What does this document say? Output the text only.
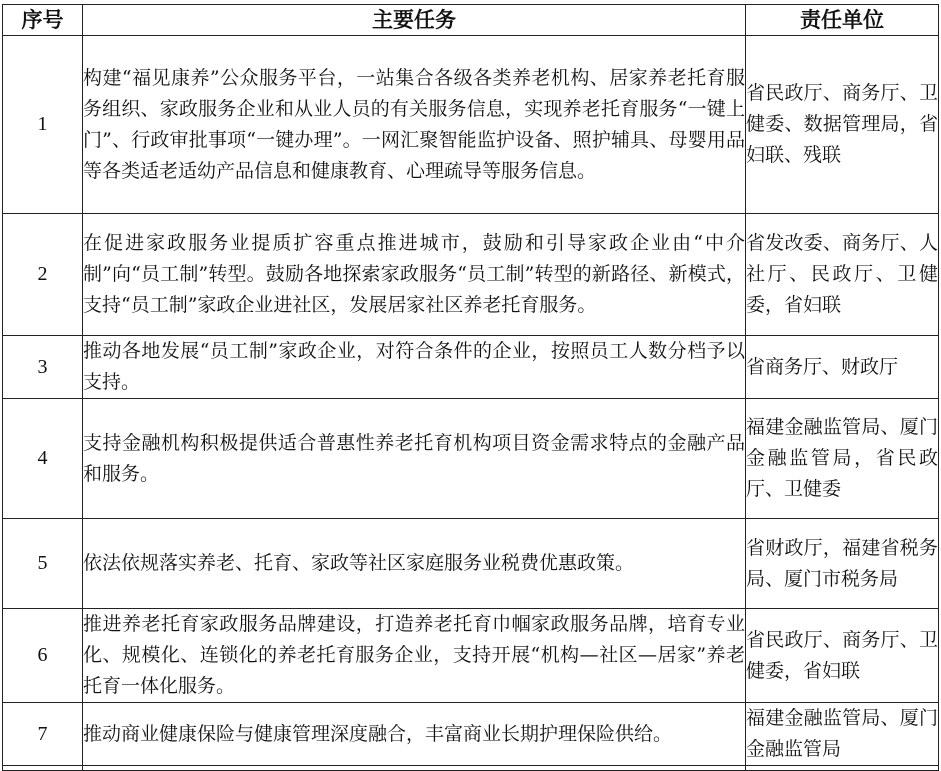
序号	主要任务	责任单位
1	构建“福见康养”公众服务平台，一站集合各级各类养老机构、居家养老托育服务组织、家政服务企业和从业人员的有关服务信息，实现养老托育服务“一键上门”、行政审批事项“一键办理”。一网汇聚智能监护设备、照护辅具、母婴用品等各类适老适幼产品信息和健康教育、心理疏导等服务信息。	省民政厅、商务厅、卫健委、数据管理局，省妇联、残联

2	在促进家政服务业提质扩容重点推进城市，鼓励和引导家政企业由“中介制”向“员工制”转型。鼓励各地探索家政服务“员工制”转型的新路径、新模式，支持“员工制”家政企业进社区，发展居家社区养老托育服务。	省发改委、商务厅、人社厅、民政厅、卫健委，省妇联

3	推动各地发展“员工制”家政企业，对符合条件的企业，按照员工人数分档予以支持。	省商务厅、财政厅

4	支持金融机构积极提供适合普惠性养老托育机构项目资金需求特点的金融产品和服务。	福建金融监管局、厦门金融监管局，省民政厅、卫健委

5	依法依规落实养老、托育、家政等社区家庭服务业税费优惠政策。	省财政厅，福建省税务局、厦门市税务局

6	推进养老托育家政服务品牌建设，打造养老托育巾帼家政服务品牌，培育专业化、规模化、连锁化的养老托育服务企业，支持开展“机构—社区—居家”养老托育一体化服务。	省民政厅、商务厅、卫健委，省妇联

7	推动商业健康保险与健康管理深度融合，丰富商业长期护理保险供给。	福建金融监管局、厦门金融监管局
